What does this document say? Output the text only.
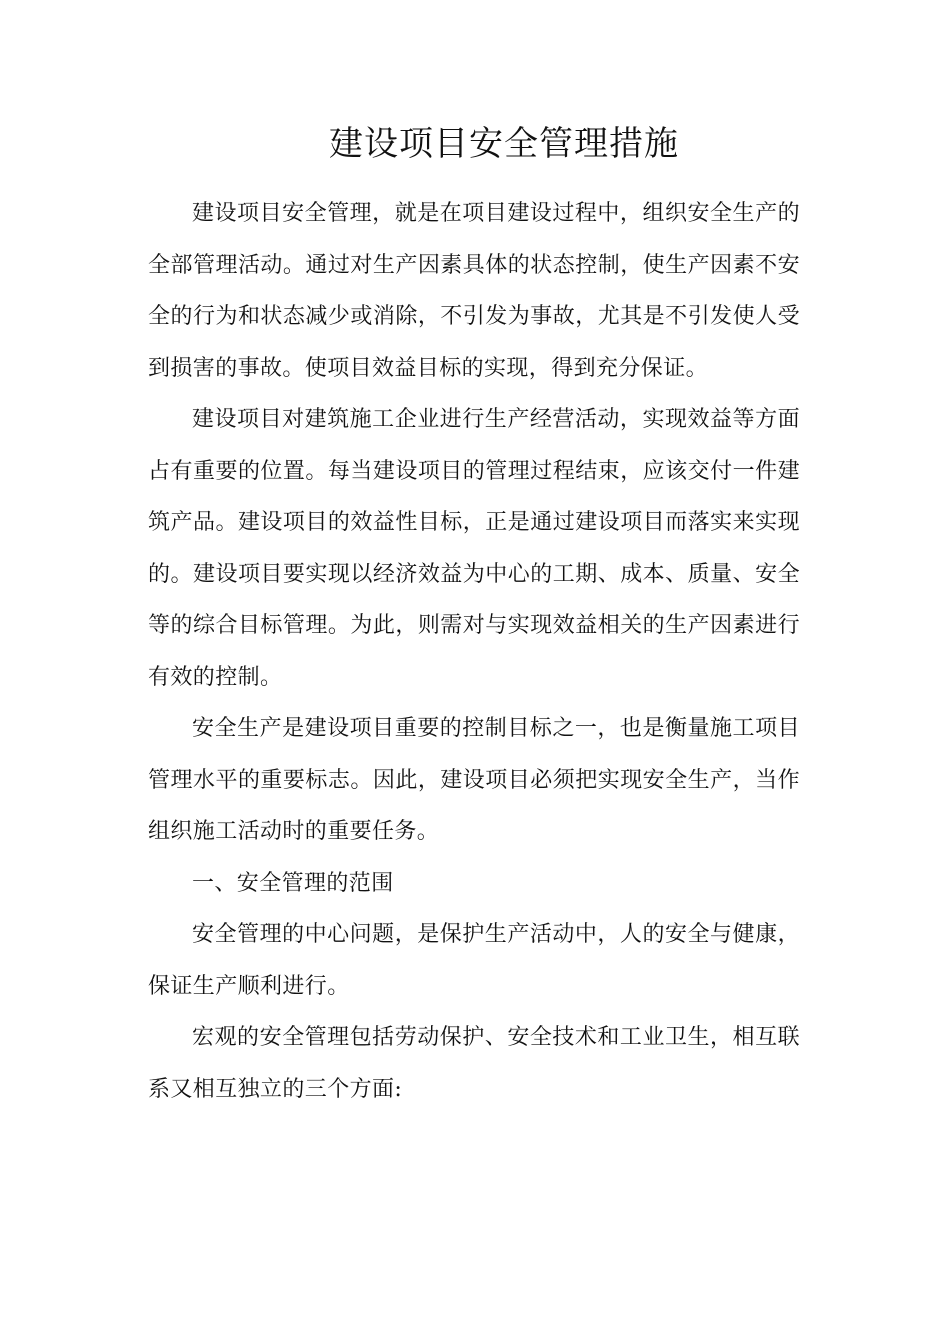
建设项目安全管理措施

建设项目安全管理，就是在项目建设过程中，组织安全生产的全部管理活动。通过对生产因素具体的状态控制，使生产因素不安全的行为和状态减少或消除，不引发为事故，尤其是不引发使人受到损害的事故。使项目效益目标的实现，得到充分保证。

建设项目对建筑施工企业进行生产经营活动，实现效益等方面占有重要的位置。每当建设项目的管理过程结束，应该交付一件建筑产品。建设项目的效益性目标，正是通过建设项目而落实来实现的。建设项目要实现以经济效益为中心的工期、成本、质量、安全等的综合目标管理。为此，则需对与实现效益相关的生产因素进行有效的控制。

安全生产是建设项目重要的控制目标之一，也是衡量施工项目管理水平的重要标志。因此，建设项目必须把实现安全生产，当作组织施工活动时的重要任务。

一、安全管理的范围

安全管理的中心问题，是保护生产活动中，人的安全与健康，保证生产顺利进行。

宏观的安全管理包括劳动保护、安全技术和工业卫生，相互联系又相互独立的三个方面:
